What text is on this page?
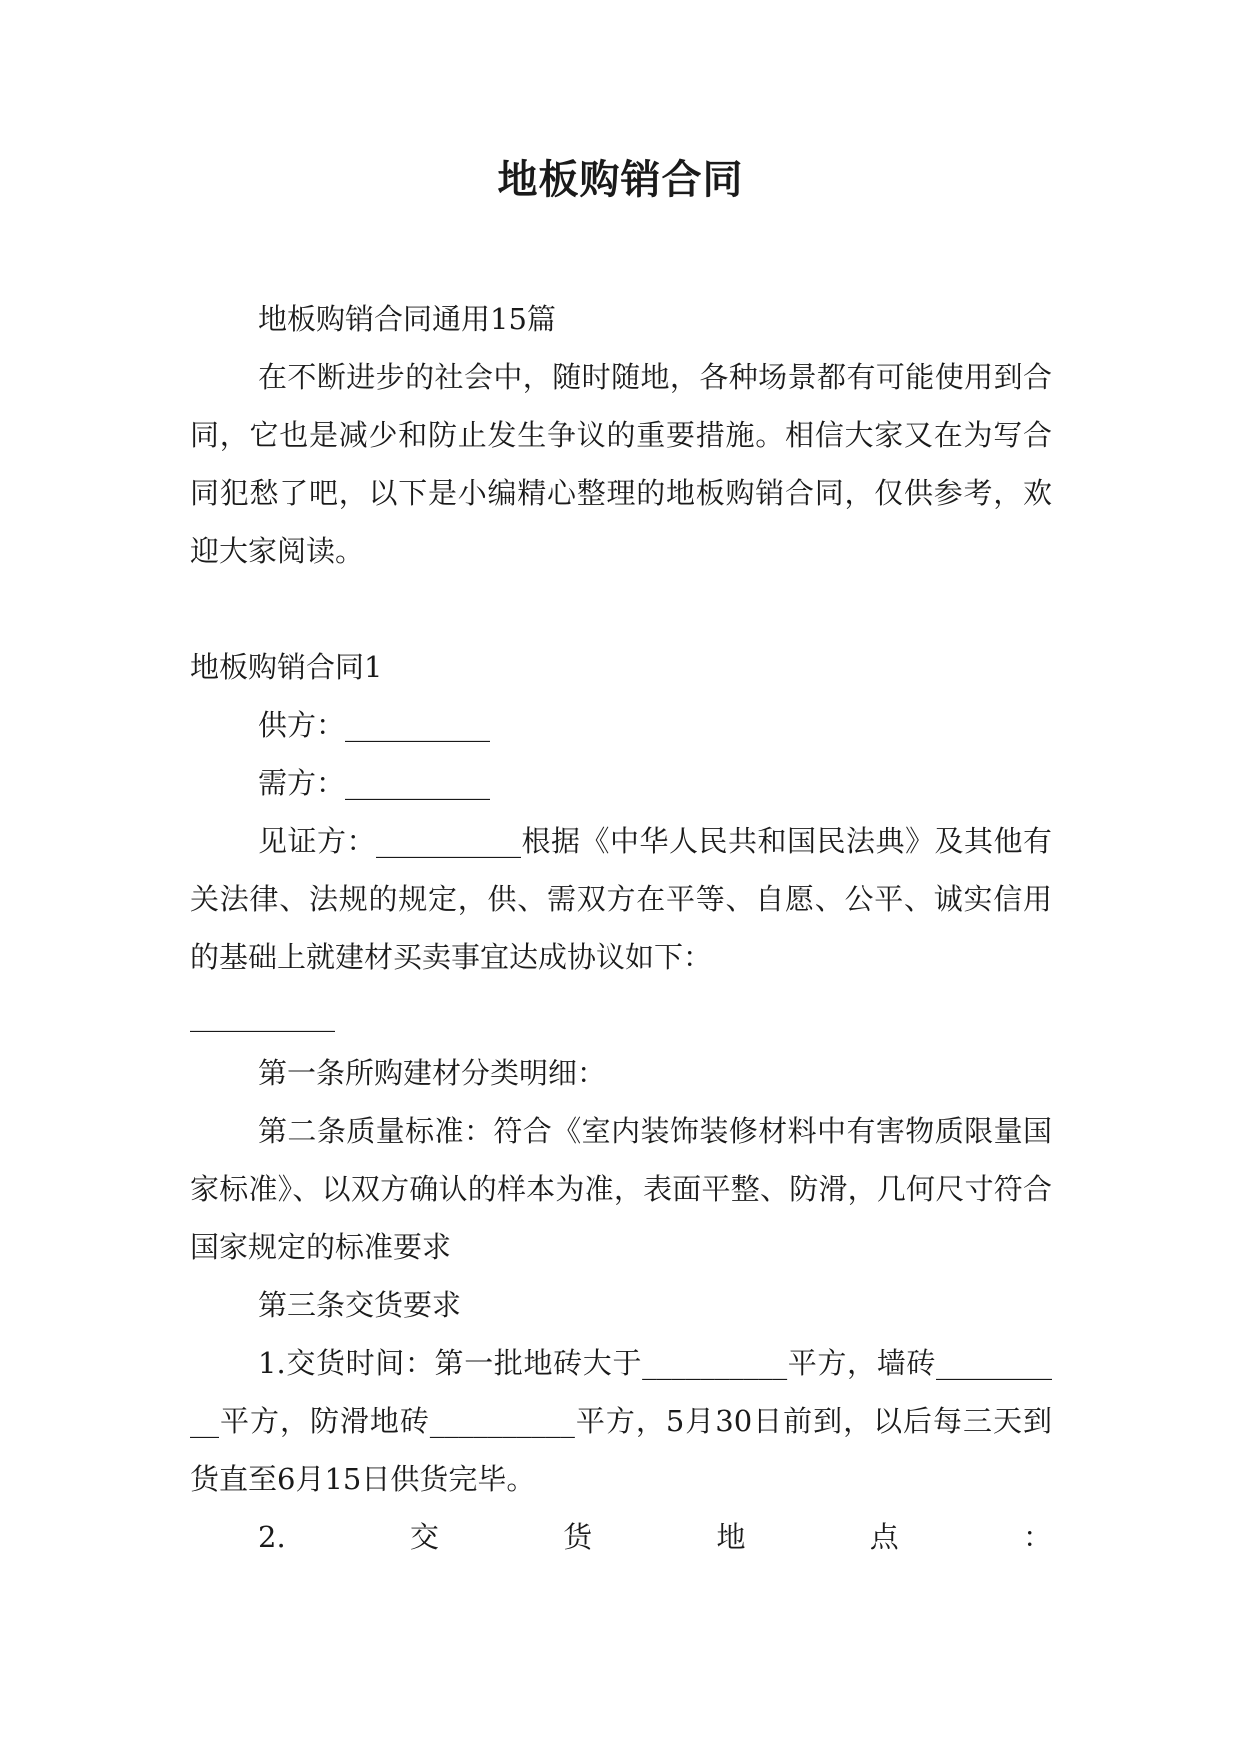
地板购销合同

地板购销合同通用15篇

在不断进步的社会中，随时随地，各种场景都有可能使用到合同，它也是减少和防止发生争议的重要措施。相信大家又在为写合同犯愁了吧，以下是小编精心整理的地板购销合同，仅供参考，欢迎大家阅读。

地板购销合同1

供方：__________

需方：__________

见证方：__________根据《中华人民共和国民法典》及其他有关法律、法规的规定，供、需双方在平等、自愿、公平、诚实信用的基础上就建材买卖事宜达成协议如下：

__________

第一条所购建材分类明细：

第二条质量标准：符合《室内装饰装修材料中有害物质限量国家标准》、以双方确认的样本为准，表面平整、防滑，几何尺寸符合国家规定的标准要求

第三条交货要求

1.交货时间：第一批地砖大于__________平方，墙砖__________平方，防滑地砖__________平方，5月30日前到，以后每三天到货直至6月15日供货完毕。

2.	交	货	地	点	：
